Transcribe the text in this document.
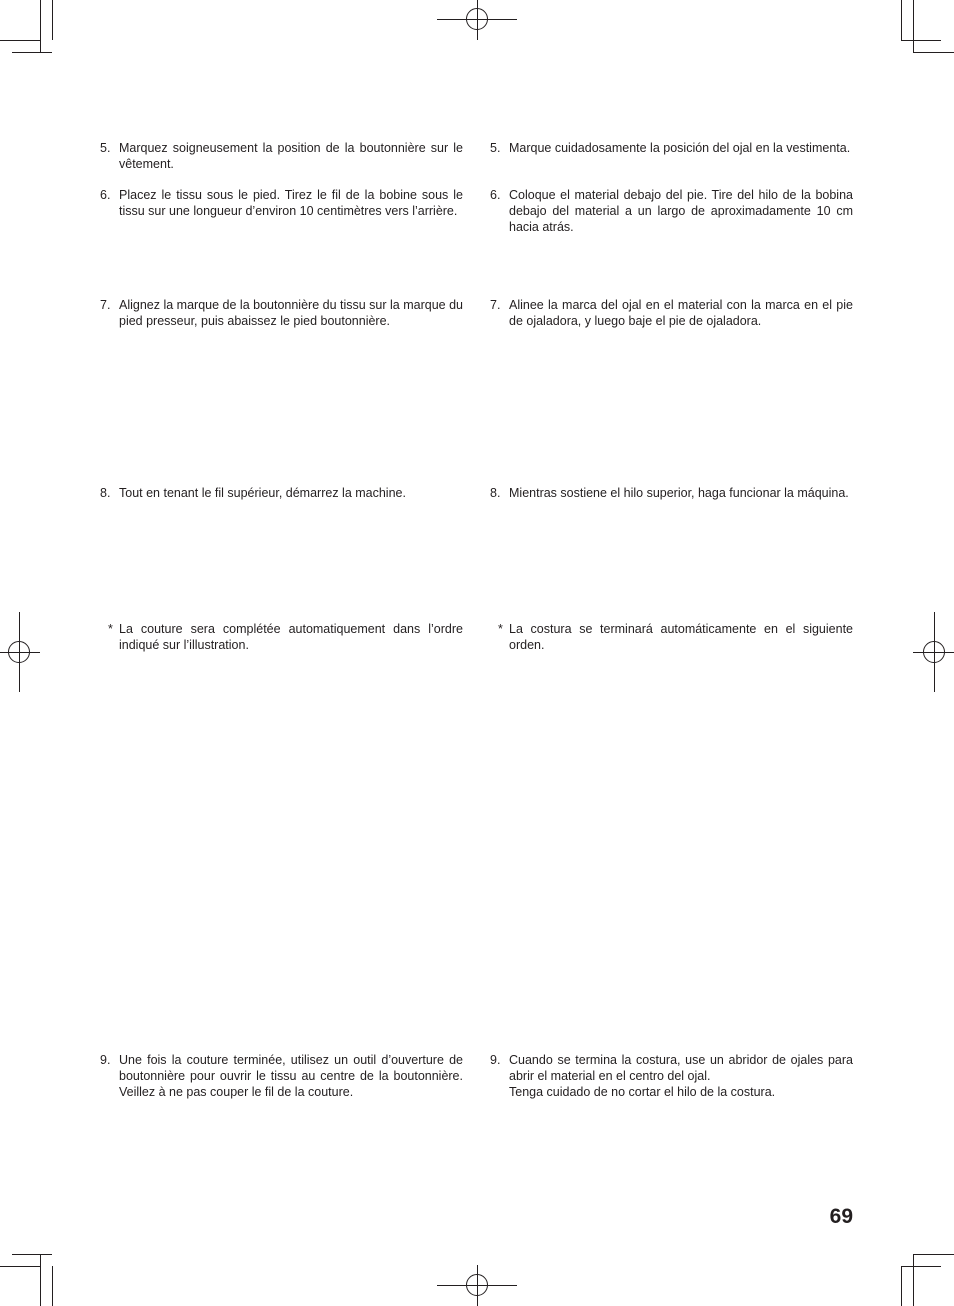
5. Marquez soigneusement la position de la boutonnière sur le vêtement.
6. Placez le tissu sous le pied. Tirez le fil de la bobine sous le tissu sur une longueur d’environ 10 centimètres vers l’arrière.
7. Alignez la marque de la boutonnière du tissu sur la marque du pied presseur, puis abaissez le pied boutonnière.
8. Tout en tenant le fil supérieur, démarrez la machine.
* La couture sera complétée automatiquement dans l’ordre indiqué sur l’illustration.
9. Une fois la couture terminée, utilisez un outil d’ouverture de boutonnière pour ouvrir le tissu au centre de la boutonnière. Veillez à ne pas couper le fil de la couture.
5. Marque cuidadosamente la posición del ojal en la vestimenta.
6. Coloque el material debajo del pie. Tire del hilo de la bobina debajo del material a un largo de aproximadamente 10 cm hacia atrás.
7. Alinee la marca del ojal en el material con la marca en el pie de ojaladora, y luego baje el pie de ojaladora.
8. Mientras sostiene el hilo superior, haga funcionar la máquina.
* La costura se terminará automáticamente en el siguiente orden.
9. Cuando se termina la costura, use un abridor de ojales para abrir el material en el centro del ojal.
Tenga cuidado de no cortar el hilo de la costura.
69
